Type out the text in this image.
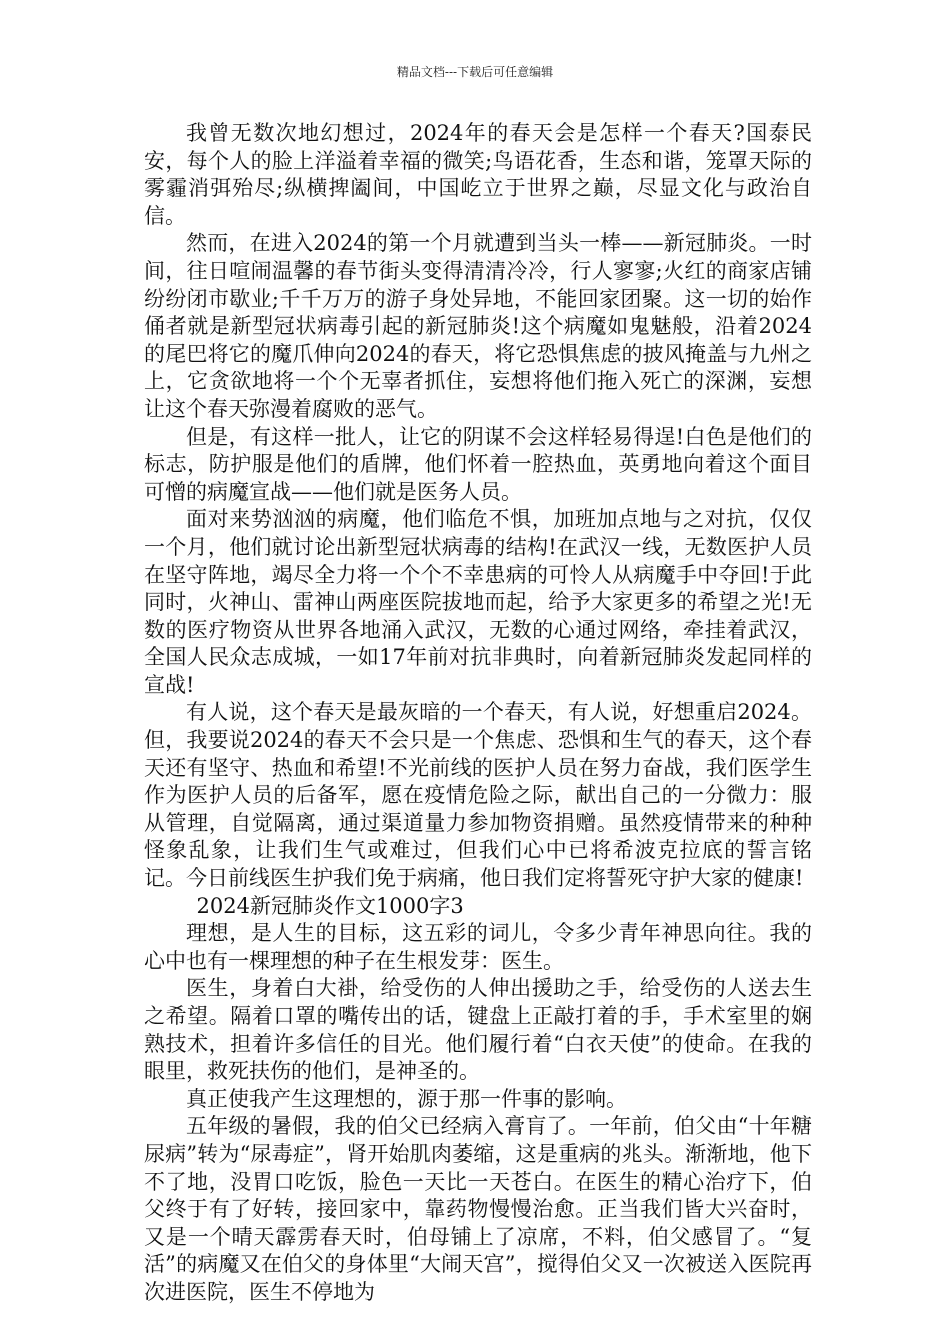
精品文档---下载后可任意编辑

我曾无数次地幻想过，2024年的春天会是怎样一个春天?国泰民安，每个人的脸上洋溢着幸福的微笑;鸟语花香，生态和谐，笼罩天际的雾霾消弭殆尽;纵横捭阖间，中国屹立于世界之巅，尽显文化与政治自信。

然而，在进入2024的第一个月就遭到当头一棒——新冠肺炎。一时间，往日喧闹温馨的春节街头变得清清冷冷，行人寥寥;火红的商家店铺纷纷闭市歇业;千千万万的游子身处异地，不能回家团聚。这一切的始作俑者就是新型冠状病毒引起的新冠肺炎!这个病魔如鬼魅般，沿着2024的尾巴将它的魔爪伸向2024的春天，将它恐惧焦虑的披风掩盖与九州之上，它贪欲地将一个个无辜者抓住，妄想将他们拖入死亡的深渊，妄想让这个春天弥漫着腐败的恶气。

但是，有这样一批人，让它的阴谋不会这样轻易得逞!白色是他们的标志，防护服是他们的盾牌，他们怀着一腔热血，英勇地向着这个面目可憎的病魔宣战——他们就是医务人员。

面对来势汹汹的病魔，他们临危不惧，加班加点地与之对抗，仅仅一个月，他们就讨论出新型冠状病毒的结构!在武汉一线，无数医护人员在坚守阵地，竭尽全力将一个个不幸患病的可怜人从病魔手中夺回!于此同时，火神山、雷神山两座医院拔地而起，给予大家更多的希望之光!无数的医疗物资从世界各地涌入武汉，无数的心通过网络，牵挂着武汉，全国人民众志成城，一如17年前对抗非典时，向着新冠肺炎发起同样的宣战!

有人说，这个春天是最灰暗的一个春天，有人说，好想重启2024。但，我要说2024的春天不会只是一个焦虑、恐惧和生气的春天，这个春天还有坚守、热血和希望!不光前线的医护人员在努力奋战，我们医学生作为医护人员的后备军，愿在疫情危险之际，献出自己的一分微力：服从管理，自觉隔离，通过渠道量力参加物资捐赠。虽然疫情带来的种种怪象乱象，让我们生气或难过，但我们心中已将希波克拉底的誓言铭记。今日前线医生护我们免于病痛，他日我们定将誓死守护大家的健康!

2024新冠肺炎作文1000字3

理想，是人生的目标，这五彩的词儿，令多少青年神思向往。我的心中也有一棵理想的种子在生根发芽：医生。

医生，身着白大褂，给受伤的人伸出援助之手，给受伤的人送去生之希望。隔着口罩的嘴传出的话，键盘上正敲打着的手，手术室里的娴熟技术，担着许多信任的目光。他们履行着“白衣天使”的使命。在我的眼里，救死扶伤的他们，是神圣的。

真正使我产生这理想的，源于那一件事的影响。

五年级的暑假，我的伯父已经病入膏肓了。一年前，伯父由“十年糖尿病”转为“尿毒症”，肾开始肌肉萎缩，这是重病的兆头。渐渐地，他下不了地，没胃口吃饭，脸色一天比一天苍白。在医生的精心治疗下，伯父终于有了好转，接回家中，靠药物慢慢治愈。正当我们皆大兴奋时，又是一个晴天霹雳春天时，伯母铺上了凉席，不料，伯父感冒了。“复活”的病魔又在伯父的身体里“大闹天宫”，搅得伯父又一次被送入医院再次进医院，医生不停地为
